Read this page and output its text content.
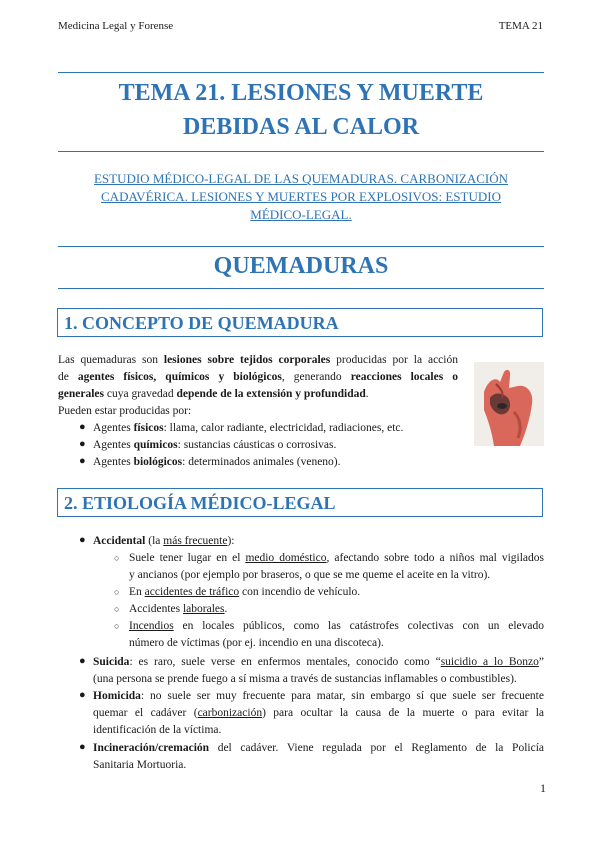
Medicina Legal y Forense	TEMA 21
TEMA 21. LESIONES Y MUERTE
DEBIDAS AL CALOR
ESTUDIO MÉDICO-LEGAL DE LAS QUEMADURAS. CARBONIZACIÓN
CADAVÉRICA. LESIONES Y MUERTES POR EXPLOSIVOS: ESTUDIO
MÉDICO-LEGAL.
QUEMADURAS
1. CONCEPTO DE QUEMADURA
Las quemaduras son lesiones sobre tejidos corporales producidas por la acción
de agentes físicos, químicos y biológicos, generando reacciones locales o
generales cuya gravedad depende de la extensión y profundidad.
Pueden estar producidas por:
● Agentes físicos: llama, calor radiante, electricidad, radiaciones, etc.
● Agentes químicos: sustancias cáusticas o corrosivas.
● Agentes biológicos: determinados animales (veneno).
2. ETIOLOGÍA MÉDICO-LEGAL
● Accidental (la más frecuente):
○ Suele tener lugar en el medio doméstico, afectando sobre todo a niños mal vigilados
y ancianos (por ejemplo por braseros, o que se me queme el aceite en la vitro).
○ En accidentes de tráfico con incendio de vehículo.
○ Accidentes laborales.
○ Incendios en locales públicos, como las catástrofes colectivas con un elevado
número de víctimas (por ej. incendio en una discoteca).
● Suicida: es raro, suele verse en enfermos mentales, conocido como “suicidio a lo Bonzo”
(una persona se prende fuego a sí misma a través de sustancias inflamables o combustibles).
● Homicida: no suele ser muy frecuente para matar, sin embargo sí que suele ser frecuente
quemar el cadáver (carbonización) para ocultar la causa de la muerte o para evitar la
identificación de la víctima.
● Incineración/cremación del cadáver. Viene regulada por el Reglamento de la Policía
Sanitaria Mortuoria.
1
